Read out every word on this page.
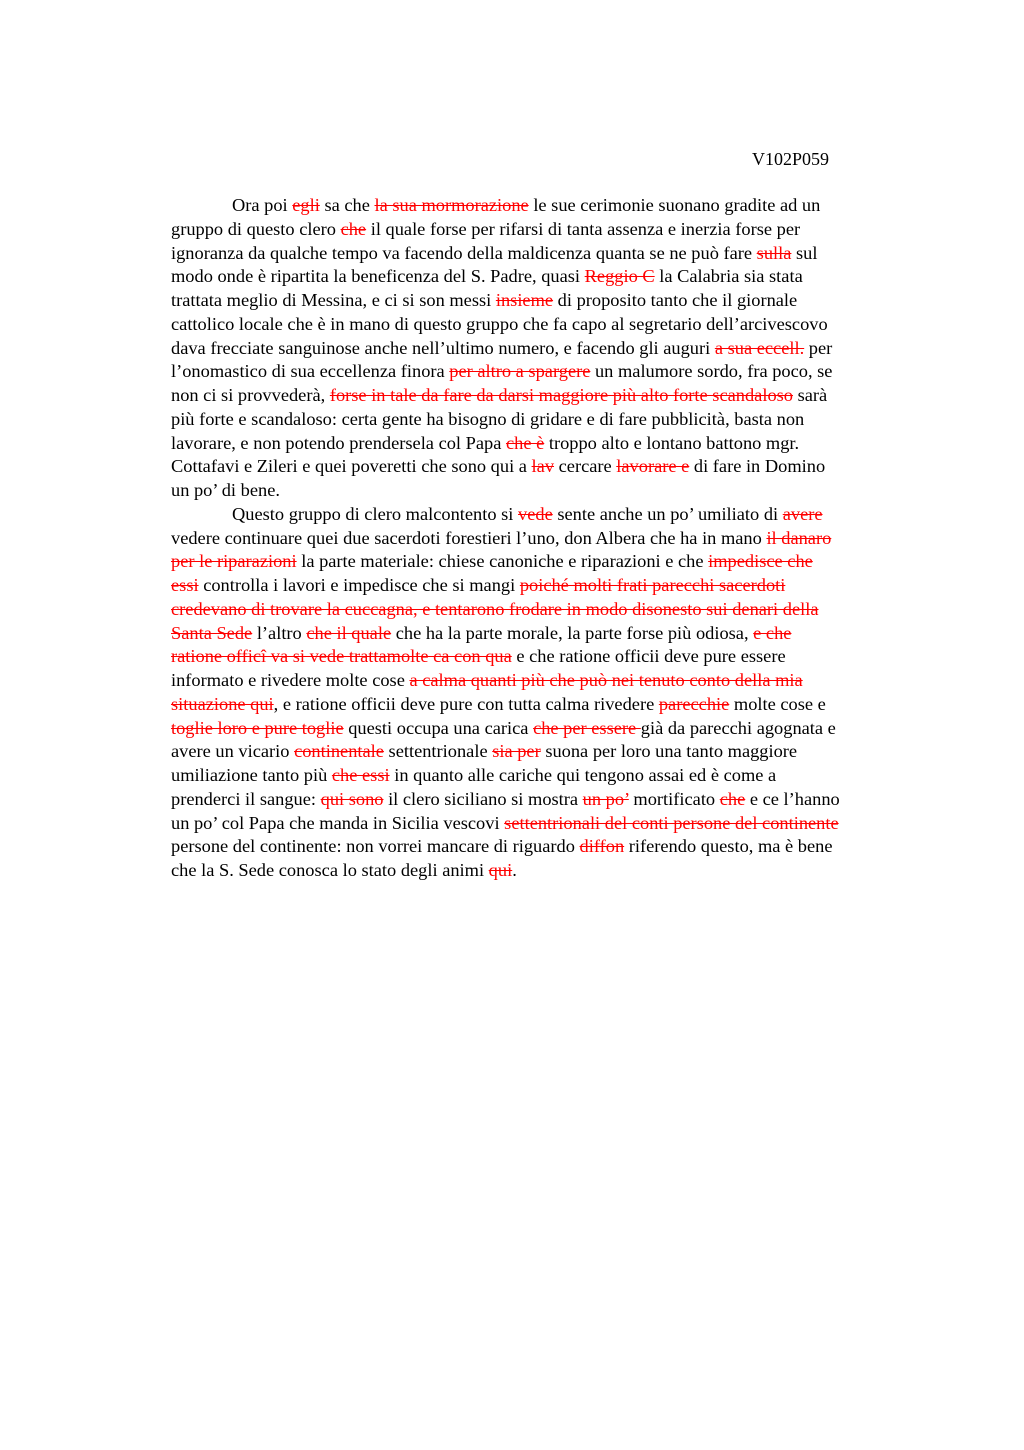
V102P059
Ora poi egli sa che la sua mormorazione le sue cerimonie suonano gradite ad un
gruppo di questo clero che il quale forse per rifarsi di tanta assenza e inerzia forse per
ignoranza da qualche tempo va facendo della maldicenza quanta se ne può fare sulla sul
modo onde è ripartita la beneficenza del S. Padre, quasi Reggio C la Calabria sia stata
trattata meglio di Messina, e ci si son messi insieme di proposito tanto che il giornale
cattolico locale che è in mano di questo gruppo che fa capo al segretario dell’arcivescovo
dava frecciate sanguinose anche nell’ultimo numero, e facendo gli auguri a sua eccell. per
l’onomastico di sua eccellenza finora per altro a spargere un malumore sordo, fra poco, se
non ci si provvederà, forse in tale da fare da darsi maggiore più alto forte scandaloso sarà
più forte e scandaloso: certa gente ha bisogno di gridare e di fare pubblicità, basta non
lavorare, e non potendo prendersela col Papa che è troppo alto e lontano battono mgr.
Cottafavi e Zileri e quei poveretti che sono qui a lav cercare lavorare e di fare in Domino
un po’ di bene.
Questo gruppo di clero malcontento si vede sente anche un po’ umiliato di avere
vedere continuare quei due sacerdoti forestieri l’uno, don Albera che ha in mano il danaro
per le riparazioni la parte materiale: chiese canoniche e riparazioni e che impedisce che
essi controlla i lavori e impedisce che si mangi poiché molti frati parecchi sacerdoti
credevano di trovare la cuccagna, e tentarono frodare in modo disonesto sui denari della
Santa Sede l’altro che il quale che ha la parte morale, la parte forse più odiosa, e che
ratione officî va si vede trattamolte ca con qua e che ratione officii deve pure essere
informato e rivedere molte cose a calma quanti più che può nei tenuto conto della mia
situazione qui, e ratione officii deve pure con tutta calma rivedere parecchie molte cose e
toglie loro e pure toglie questi occupa una carica che per essere già da parecchi agognata e
avere un vicario continentale settentrionale sia per suona per loro una tanto maggiore
umiliazione tanto più che essi in quanto alle cariche qui tengono assai ed è come a
prenderci il sangue: qui sono il clero siciliano si mostra un po’ mortificato che e ce l’hanno
un po’ col Papa che manda in Sicilia vescovi settentrionali del conti persone del continente
persone del continente: non vorrei mancare di riguardo diffon riferendo questo, ma è bene
che la S. Sede conosca lo stato degli animi qui.
